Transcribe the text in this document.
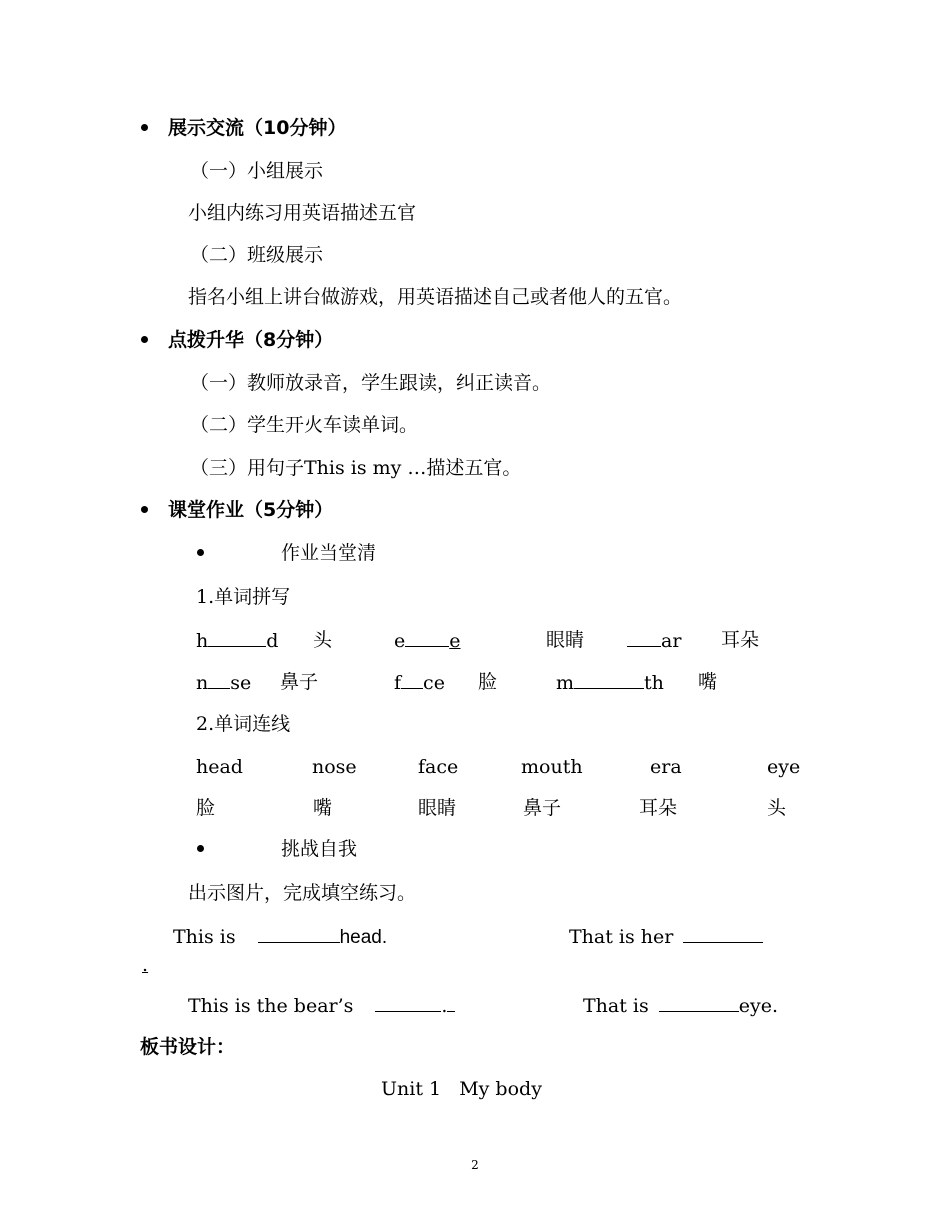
展示交流（10分钟）
（一）小组展示
小组内练习用英语描述五官
（二）班级展示
指名小组上讲台做游戏，用英语描述自己或者他人的五官。
点拨升华（8分钟）
（一）教师放录音，学生跟读，纠正读音。
（二）学生开火车读单词。
（三）用句子This is my …描述五官。
课堂作业（5分钟）
作业当堂清
1.单词拼写
h	d 头	e e	眼睛	ar 耳朵
n se 鼻子	f ce 脸	m	th 嘴
2.单词连线
head	nose	face	mouth	era	eye
脸	嘴	眼睛	鼻子	耳朵	头
挑战自我
出示图片，完成填空练习。
This is	head.	That is her
.
This is the bear’s	.	That is	eye.
板书设计：
Unit 1   My body
2
